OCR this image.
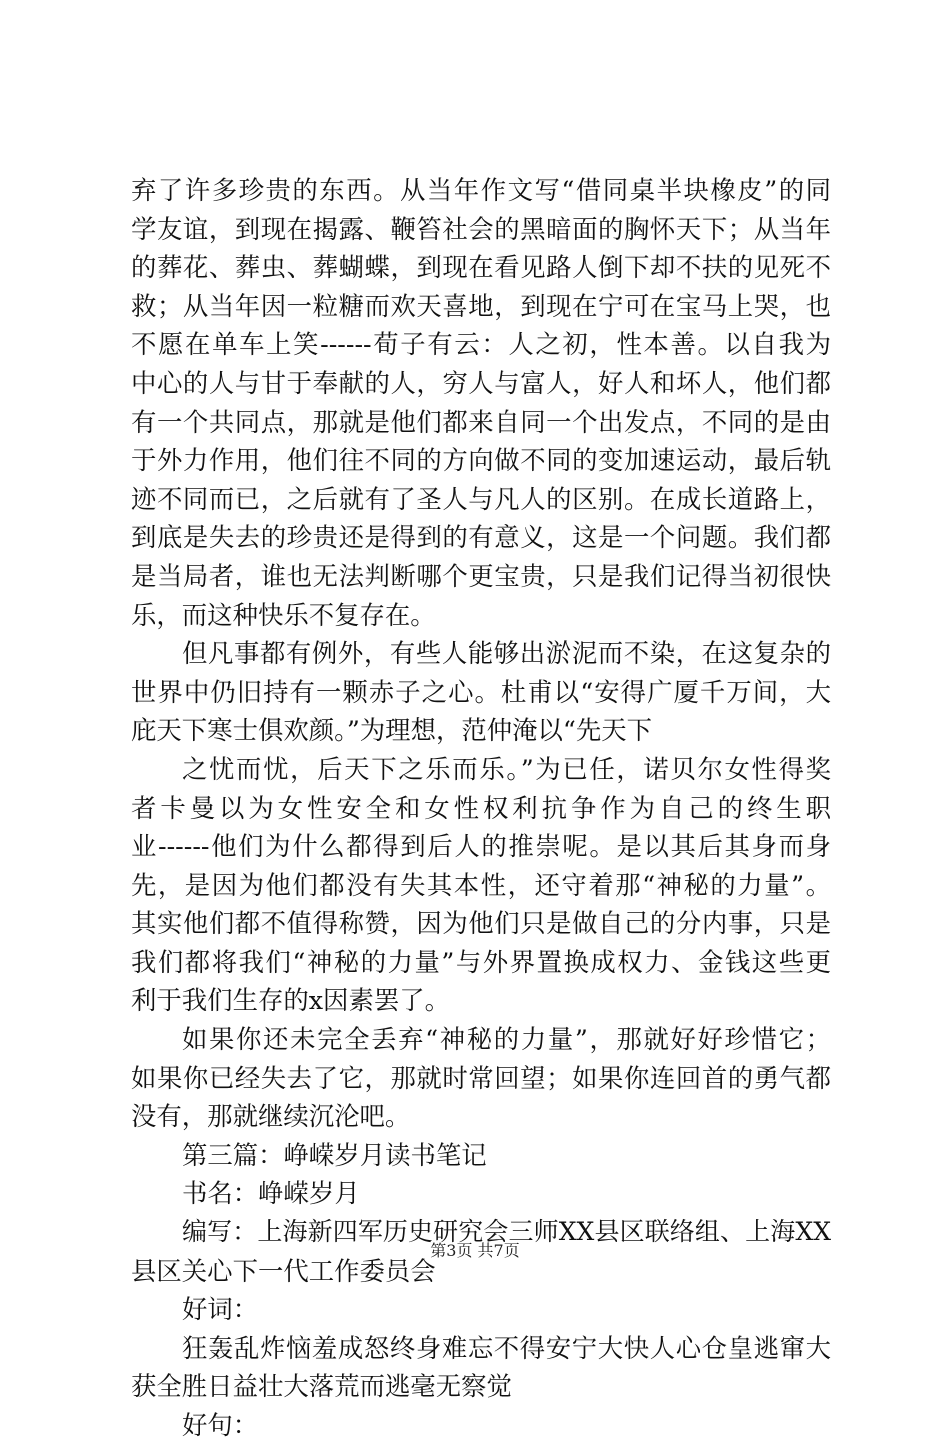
弃了许多珍贵的东西。从当年作文写“借同桌半块橡皮”的同
学友谊，到现在揭露、鞭笞社会的黑暗面的胸怀天下；从当年
的葬花、葬虫、葬蝴蝶，到现在看见路人倒下却不扶的见死不
救；从当年因一粒糖而欢天喜地，到现在宁可在宝马上哭，也
不愿在单车上笑------荀子有云：人之初，性本善。以自我为
中心的人与甘于奉献的人，穷人与富人，好人和坏人，他们都
有一个共同点，那就是他们都来自同一个出发点，不同的是由
于外力作用，他们往不同的方向做不同的变加速运动，最后轨
迹不同而已，之后就有了圣人与凡人的区别。在成长道路上，
到底是失去的珍贵还是得到的有意义，这是一个问题。我们都
是当局者，谁也无法判断哪个更宝贵，只是我们记得当初很快
乐，而这种快乐不复存在。
但凡事都有例外，有些人能够出淤泥而不染，在这复杂的
世界中仍旧持有一颗赤子之心。杜甫以“安得广厦千万间，大
庇天下寒士俱欢颜。”为理想，范仲淹以“先天下
之忧而忧，后天下之乐而乐。”为已任，诺贝尔女性得奖
者卡曼以为女性安全和女性权利抗争作为自己的终生职
业------他们为什么都得到后人的推崇呢。是以其后其身而身
先，是因为他们都没有失其本性，还守着那“神秘的力量”。
其实他们都不值得称赞，因为他们只是做自己的分内事，只是
我们都将我们“神秘的力量”与外界置换成权力、金钱这些更
利于我们生存的x因素罢了。
如果你还未完全丢弃“神秘的力量”，那就好好珍惜它；
如果你已经失去了它，那就时常回望；如果你连回首的勇气都
没有，那就继续沉沦吧。
第三篇：峥嵘岁月读书笔记
书名：峥嵘岁月
编写：上海新四军历史研究会三师XX县区联络组、上海XX
县区关心下一代工作委员会
好词：
狂轰乱炸恼羞成怒终身难忘不得安宁大快人心仓皇逃窜大
获全胜日益壮大落荒而逃毫无察觉
好句：
第3页 共7页
